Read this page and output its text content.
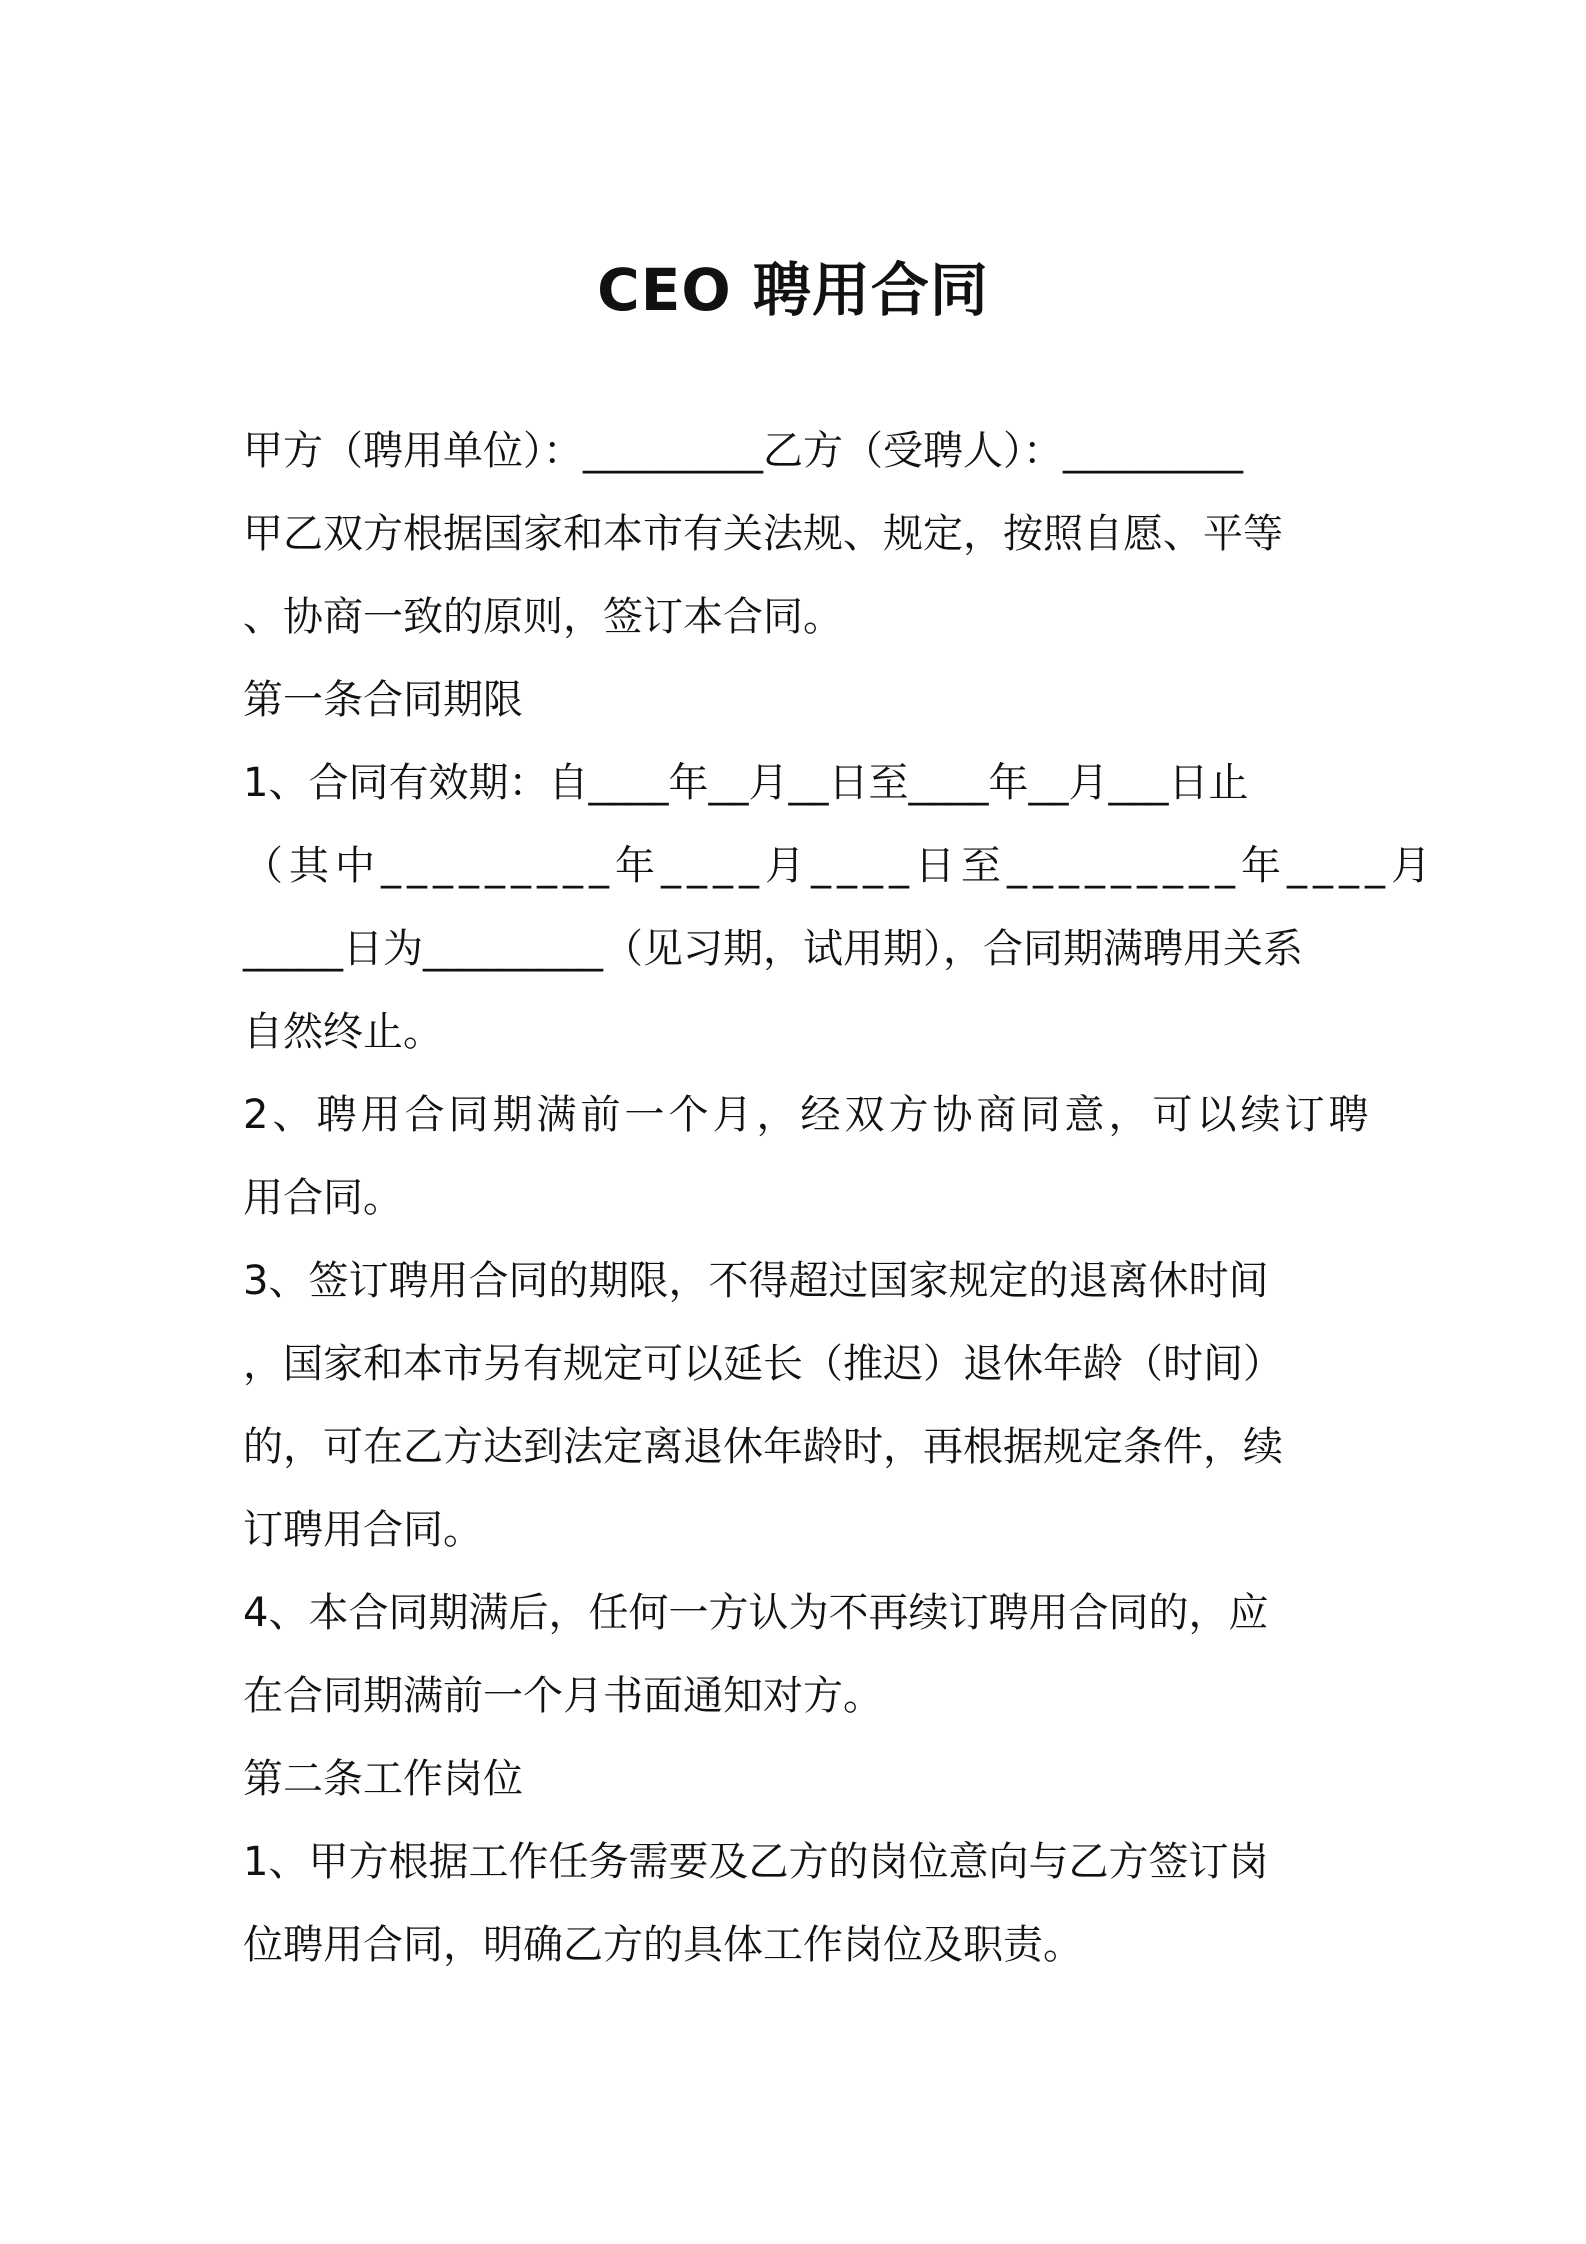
CEO 聘用合同
甲方（聘用单位）：_________乙方（受聘人）：_________
甲乙双方根据国家和本市有关法规、规定，按照自愿、平等
、协商一致的原则，签订本合同。
第一条合同期限
1、合同有效期：自____年__月__日至____年__月___日止
（其中_________年____月____日至_________年____月
_____日为_________（见习期，试用期），合同期满聘用关系
自然终止。
2、聘用合同期满前一个月，经双方协商同意，可以续订聘
用合同。
3、签订聘用合同的期限，不得超过国家规定的退离休时间
，国家和本市另有规定可以延长（推迟）退休年龄（时间）
的，可在乙方达到法定离退休年龄时，再根据规定条件，续
订聘用合同。
4、本合同期满后，任何一方认为不再续订聘用合同的，应
在合同期满前一个月书面通知对方。
第二条工作岗位
1、甲方根据工作任务需要及乙方的岗位意向与乙方签订岗
位聘用合同，明确乙方的具体工作岗位及职责。
